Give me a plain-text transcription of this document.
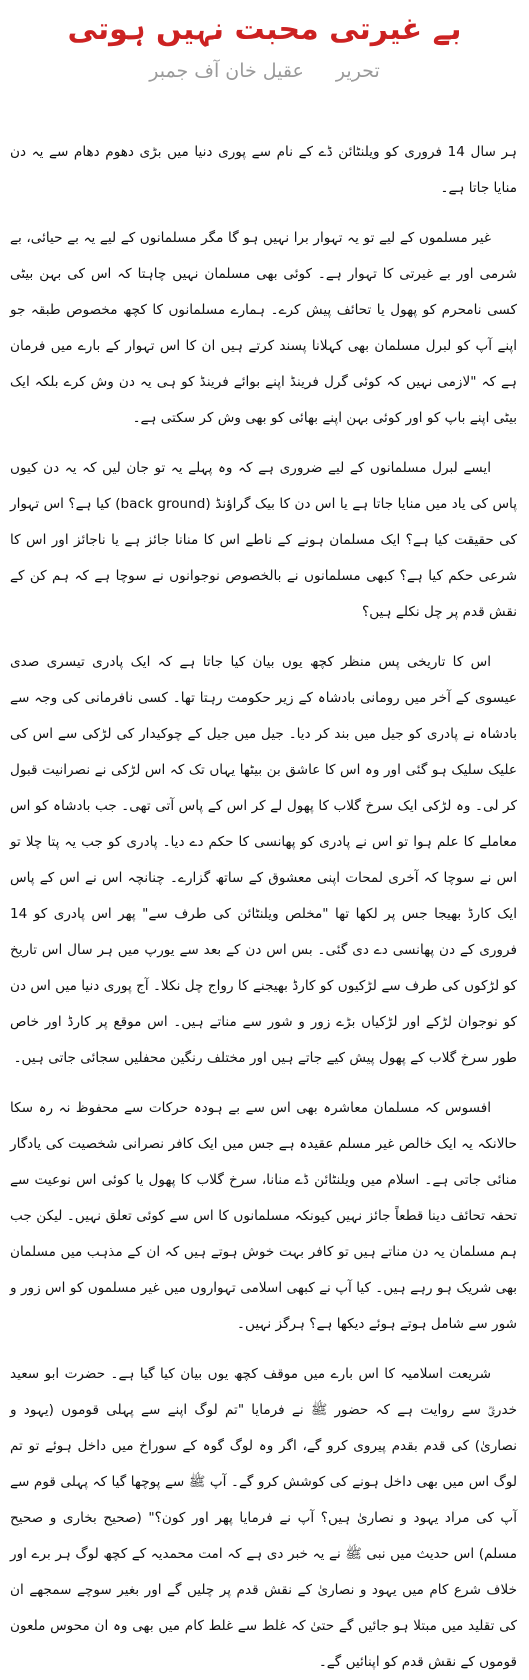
بے غیرتی محبت نہیں ہوتی
تحریر عقیل خان آف جمبر

ہر سال 14 فروری کو ویلنٹائن ڈے کے نام سے پوری دنیا میں بڑی دھوم دھام سے یہ دن منایا جاتا ہے۔

غیر مسلموں کے لیے تو یہ تہوار برا نہیں ہو گا مگر مسلمانوں کے لیے یہ بے حیائی، بے شرمی اور بے غیرتی کا تہوار ہے۔ کوئی بھی مسلمان نہیں چاہتا کہ اس کی بہن بیٹی کسی نامحرم کو پھول یا تحائف پیش کرے۔ ہمارے مسلمانوں کا کچھ مخصوص طبقہ جو اپنے آپ کو لبرل مسلمان بھی کہلانا پسند کرتے ہیں ان کا اس تہوار کے بارے میں فرمان ہے کہ "لازمی نہیں کہ کوئی گرل فرینڈ اپنے بوائے فرینڈ کو ہی یہ دن وش کرے بلکہ ایک بیٹی اپنے باپ کو اور کوئی بہن اپنے بھائی کو بھی وش کر سکتی ہے۔

ایسے لبرل مسلمانوں کے لیے ضروری ہے کہ وہ پہلے یہ تو جان لیں کہ یہ دن کیوں پاس کی یاد میں منایا جاتا ہے یا اس دن کا بیک گراؤنڈ (back ground) کیا ہے؟ اس تہوار کی حقیقت کیا ہے؟ ایک مسلمان ہونے کے ناطے اس کا منانا جائز ہے یا ناجائز اور اس کا شرعی حکم کیا ہے؟ کبھی مسلمانوں نے بالخصوص نوجوانوں نے سوچا ہے کہ ہم کن کے نقش قدم پر چل نکلے ہیں؟

اس کا تاریخی پس منظر کچھ یوں بیان کیا جاتا ہے کہ ایک پادری تیسری صدی عیسوی کے آخر میں رومانی بادشاہ کے زیر حکومت رہتا تھا۔ کسی نافرمانی کی وجہ سے بادشاہ نے پادری کو جیل میں بند کر دیا۔ جیل میں جیل کے چوکیدار کی لڑکی سے اس کی علیک سلیک ہو گئی اور وہ اس کا عاشق بن بیٹھا یہاں تک کہ اس لڑکی نے نصرانیت قبول کر لی۔ وہ لڑکی ایک سرخ گلاب کا پھول لے کر اس کے پاس آتی تھی۔ جب بادشاہ کو اس معاملے کا علم ہوا تو اس نے پادری کو پھانسی کا حکم دے دیا۔ پادری کو جب یہ پتا چلا تو اس نے سوچا کہ آخری لمحات اپنی معشوق کے ساتھ گزارے۔ چنانچہ اس نے اس کے پاس ایک کارڈ بھیجا جس پر لکھا تھا "مخلص ویلنٹائن کی طرف سے" پھر اس پادری کو 14 فروری کے دن پھانسی دے دی گئی۔ بس اس دن کے بعد سے یورپ میں ہر سال اس تاریخ کو لڑکوں کی طرف سے لڑکیوں کو کارڈ بھیجنے کا رواج چل نکلا۔ آج پوری دنیا میں اس دن کو نوجوان لڑکے اور لڑکیاں بڑے زور و شور سے مناتے ہیں۔ اس موقع پر کارڈ اور خاص طور سرخ گلاب کے پھول پیش کیے جاتے ہیں اور مختلف رنگین محفلیں سجائی جاتی ہیں۔

افسوس کہ مسلمان معاشرہ بھی اس سے بے ہودہ حرکات سے محفوظ نہ رہ سکا حالانکہ یہ ایک خالص غیر مسلم عقیدہ ہے جس میں ایک کافر نصرانی شخصیت کی یادگار منائی جاتی ہے۔ اسلام میں ویلنٹائن ڈے منانا، سرخ گلاب کا پھول یا کوئی اس نوعیت سے تحفہ تحائف دینا قطعاً جائز نہیں کیونکہ مسلمانوں کا اس سے کوئی تعلق نہیں۔ لیکن جب ہم مسلمان یہ دن مناتے ہیں تو کافر بہت خوش ہوتے ہیں کہ ان کے مذہب میں مسلمان بھی شریک ہو رہے ہیں۔ کیا آپ نے کبھی اسلامی تہواروں میں غیر مسلموں کو اس زور و شور سے شامل ہوتے ہوئے دیکھا ہے؟ ہرگز نہیں۔

شریعت اسلامیہ کا اس بارے میں موقف کچھ یوں بیان کیا گیا ہے۔ حضرت ابو سعید خدریؓ سے روایت ہے کہ حضور ﷺ نے فرمایا "تم لوگ اپنے سے پہلی قوموں (یہود و نصاریٰ) کی قدم بقدم پیروی کرو گے، اگر وہ لوگ گوہ کے سوراخ میں داخل ہوئے تو تم لوگ اس میں بھی داخل ہونے کی کوشش کرو گے۔ آپ ﷺ سے پوچھا گیا کہ پہلی قوم سے آپ کی مراد یہود و نصاریٰ ہیں؟ آپ نے فرمایا پھر اور کون؟" (صحیح بخاری و صحیح مسلم) اس حدیث میں نبی ﷺ نے یہ خبر دی ہے کہ امت محمدیہ کے کچھ لوگ ہر برے اور خلاف شرع کام میں یہود و نصاریٰ کے نقش قدم پر چلیں گے اور بغیر سوچے سمجھے ان کی تقلید میں مبتلا ہو جائیں گے حتیٰ کہ غلط سے غلط کام میں بھی وہ ان محوس ملعون قوموں کے نقش قدم کو اپنائیں گے۔
